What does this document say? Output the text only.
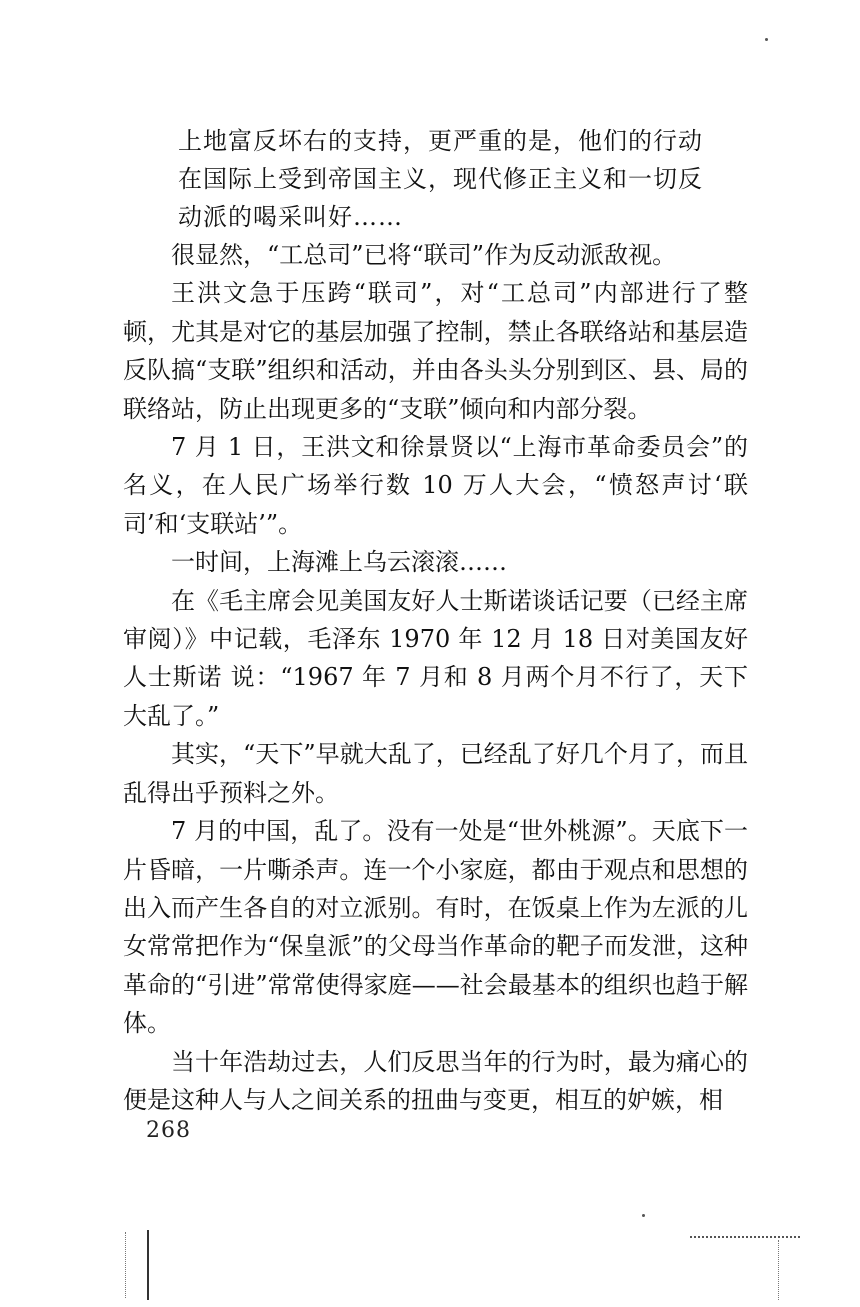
上地富反坏右的支持，更严重的是，他们的行动

在国际上受到帝国主义，现代修正主义和一切反

动派的喝采叫好……

很显然，“工总司”已将“联司”作为反动派敌视。

王洪文急于压跨“联司”，对“工总司”内部进行了整顿，尤其是对它的基层加强了控制，禁止各联络站和基层造反队搞“支联”组织和活动，并由各头头分别到区、县、局的联络站，防止出现更多的“支联”倾向和内部分裂。

7 月 1 日，王洪文和徐景贤以“上海市革命委员会”的名义，在人民广场举行数 10 万人大会，“愤怒声讨‘联司’和‘支联站’”。

一时间，上海滩上乌云滚滚……

在《毛主席会见美国友好人士斯诺谈话记要（已经主席审阅）》中记载，毛泽东 1970 年 12 月 18 日对美国友好人士斯诺 说：“1967 年 7 月和 8 月两个月不行了，天下大乱了。”

其实，“天下”早就大乱了，已经乱了好几个月了，而且乱得出乎预料之外。

7 月的中国，乱了。没有一处是“世外桃源”。天底下一片昏暗，一片嘶杀声。连一个小家庭，都由于观点和思想的出入而产生各自的对立派别。有时，在饭桌上作为左派的儿女常常把作为“保皇派”的父母当作革命的靶子而发泄，这种革命的“引进”常常使得家庭——社会最基本的组织也趋于解体。

当十年浩劫过去，人们反思当年的行为时，最为痛心的便是这种人与人之间关系的扭曲与变更，相互的妒嫉，相

268
